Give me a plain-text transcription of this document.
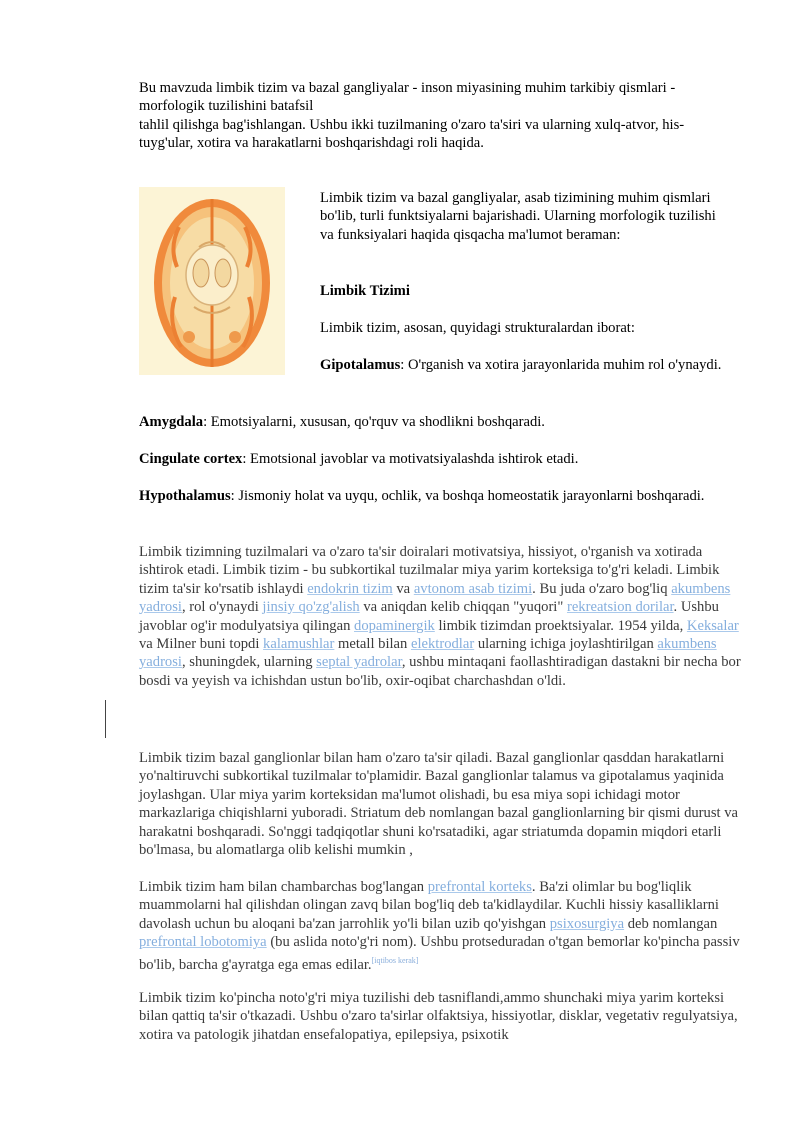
Bu mavzuda limbik tizim va bazal gangliyalar - inson miyasining muhim tarkibiy qismlari -
morfologik tuzilishini batafsil
tahlil qilishga bag'ishlangan. Ushbu ikki tuzilmaning o'zaro ta'siri va ularning xulq-atvor, his-
tuyg'ular, xotira va harakatlarni boshqarishdagi roli haqida.

Limbik tizim va bazal gangliyalar, asab tizimining muhim qismlari bo'lib, turli funktsiyalarni bajarishadi. Ularning morfologik tuzilishi va funksiyalari haqida qisqacha ma'lumot beraman:

Limbik Tizimi

Limbik tizim, asosan, quyidagi strukturalardan iborat:

Gipotalamus: O'rganish va xotira jarayonlarida muhim rol o'ynaydi.

Amygdala: Emotsiyalarni, xususan, qo'rquv va shodlikni boshqaradi.

Cingulate cortex: Emotsional javoblar va motivatsiyalashda ishtirok etadi.

Hypothalamus: Jismoniy holat va uyqu, ochlik, va boshqa homeostatik jarayonlarni boshqaradi.

Limbik tizimning tuzilmalari va o'zaro ta'sir doiralari motivatsiya, hissiyot, o'rganish va xotirada ishtirok etadi. Limbik tizim - bu subkortikal tuzilmalar miya yarim korteksiga to'g'ri keladi. Limbik tizim ta'sir ko'rsatib ishlaydi endokrin tizim va avtonom asab tizimi. Bu juda o'zaro bog'liq akumbens yadrosi, rol o'ynaydi jinsiy qo'zg'alish va aniqdan kelib chiqqan "yuqori" rekreatsion dorilar. Ushbu javoblar og'ir modulyatsiya qilingan dopaminergik limbik tizimdan proektsiyalar. 1954 yilda, Keksalar va Milner buni topdi kalamushlar metall bilan elektrodlar ularning ichiga joylashtirilgan akumbens yadrosi, shuningdek, ularning septal yadrolar, ushbu mintaqani faollashtiradigan dastakni bir necha bor bosdi va yeyish va ichishdan ustun bo'lib, oxir-oqibat charchashdan o'ldi.

Limbik tizim bazal ganglionlar bilan ham o'zaro ta'sir qiladi. Bazal ganglionlar qasddan harakatlarni yo'naltiruvchi subkortikal tuzilmalar to'plamidir. Bazal ganglionlar talamus va gipotalamus yaqinida joylashgan. Ular miya yarim korteksidan ma'lumot olishadi, bu esa miya sopi ichidagi motor markazlariga chiqishlarni yuboradi. Striatum deb nomlangan bazal ganglionlarning bir qismi durust va harakatni boshqaradi. So'nggi tadqiqotlar shuni ko'rsatadiki, agar striatumda dopamin miqdori etarli bo'lmasa, bu alomatlarga olib kelishi mumkin ,

Limbik tizim ham bilan chambarchas bog'langan prefrontal korteks. Ba'zi olimlar bu bog'liqlik muammolarni hal qilishdan olingan zavq bilan bog'liq deb ta'kidlaydilar. Kuchli hissiy kasalliklarni davolash uchun bu aloqani ba'zan jarrohlik yo'li bilan uzib qo'yishgan psixosurgiya deb nomlangan prefrontal lobotomiya (bu aslida noto'g'ri nom). Ushbu protseduradan o'tgan bemorlar ko'pincha passiv bo'lib, barcha g'ayratga ega emas edilar.[iqtibos kerak]

Limbik tizim ko'pincha noto'g'ri miya tuzilishi deb tasniflandi,ammo shunchaki miya yarim korteksi bilan qattiq ta'sir o'tkazadi. Ushbu o'zaro ta'sirlar olfaktsiya, hissiyotlar, disklar, vegetativ regulyatsiya, xotira va patologik jihatdan ensefalopatiya, epilepsiya, psixotik
